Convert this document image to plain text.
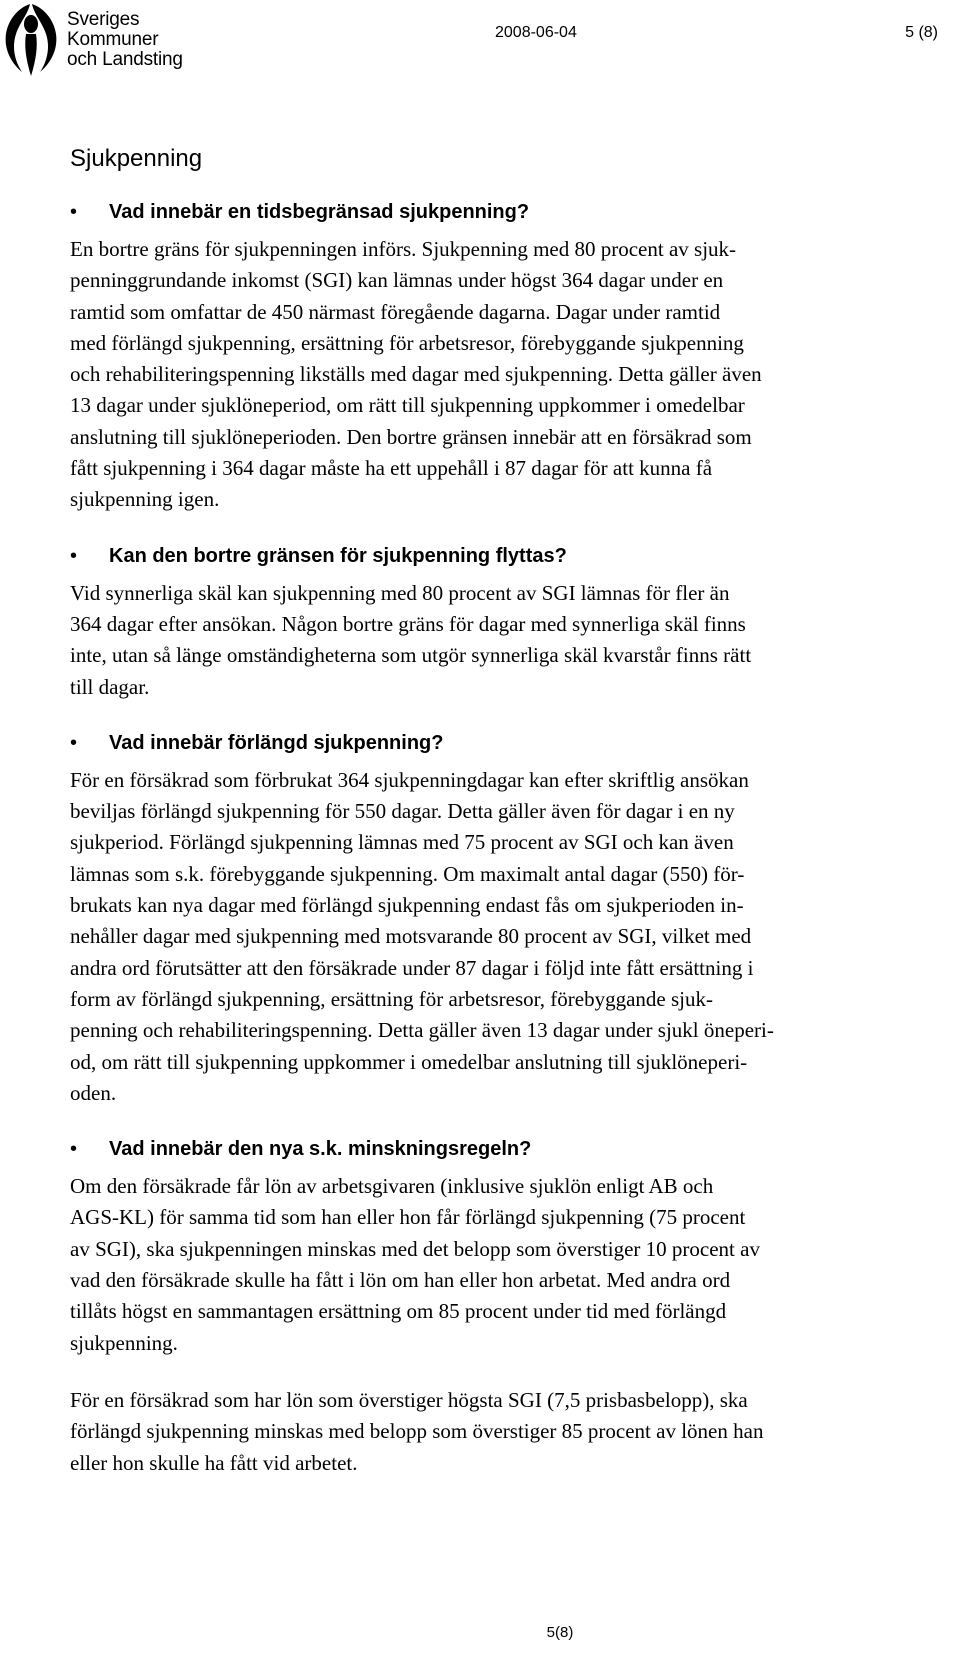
Sveriges
Kommuner
och Landsting
2008-06-04	5 (8)
Sjukpenning
• Vad innebär en tidsbegränsad sjukpenning?

En bortre gräns för sjukpenningen införs. Sjukpenning med 80 procent av sjuk-
penninggrundande inkomst (SGI) kan lämnas under högst 364 dagar under en
ramtid som omfattar de 450 närmast föregående dagarna. Dagar under ramtid
med förlängd sjukpenning, ersättning för arbetsresor, förebyggande sjukpenning
och rehabiliteringspenning likställs med dagar med sjukpenning. Detta gäller även
13 dagar under sjuklöneperiod, om rätt till sjukpenning uppkommer i omedelbar
anslutning till sjuklöneperioden. Den bortre gränsen innebär att en försäkrad som
fått sjukpenning i 364 dagar måste ha ett uppehåll i 87 dagar för att kunna få
sjukpenning igen.

• Kan den bortre gränsen för sjukpenning flyttas?

Vid synnerliga skäl kan sjukpenning med 80 procent av SGI lämnas för fler än
364 dagar efter ansökan. Någon bortre gräns för dagar med synnerliga skäl finns
inte, utan så länge omständigheterna som utgör synnerliga skäl kvarstår finns rätt
till dagar.

• Vad innebär förlängd sjukpenning?

För en försäkrad som förbrukat 364 sjukpenningdagar kan efter skriftlig ansökan
beviljas förlängd sjukpenning för 550 dagar. Detta gäller även för dagar i en ny
sjukperiod. Förlängd sjukpenning lämnas med 75 procent av SGI och kan även
lämnas som s.k. förebyggande sjukpenning. Om maximalt antal dagar (550) för-
brukats kan nya dagar med förlängd sjukpenning endast fås om sjukperioden in-
nehåller dagar med sjukpenning med motsvarande 80 procent av SGI, vilket med
andra ord förutsätter att den försäkrade under 87 dagar i följd inte fått ersättning i
form av förlängd sjukpenning, ersättning för arbetsresor, förebyggande sjuk-
penning och rehabiliteringspenning. Detta gäller även 13 dagar under sjukl öneperi-
od, om rätt till sjukpenning uppkommer i omedelbar anslutning till sjuklöneperi-
oden.

• Vad innebär den nya s.k. minskningsregeln?

Om den försäkrade får lön av arbetsgivaren (inklusive sjuklön enligt AB och
AGS-KL) för samma tid som han eller hon får förlängd sjukpenning (75 procent
av SGI), ska sjukpenningen minskas med det belopp som överstiger 10 procent av
vad den försäkrade skulle ha fått i lön om han eller hon arbetat. Med andra ord
tillåts högst en sammantagen ersättning om 85 procent under tid med förlängd
sjukpenning.

För en försäkrad som har lön som överstiger högsta SGI (7,5 prisbasbelopp), ska
förlängd sjukpenning minskas med belopp som överstiger 85 procent av lönen han
eller hon skulle ha fått vid arbetet.

5(8)
